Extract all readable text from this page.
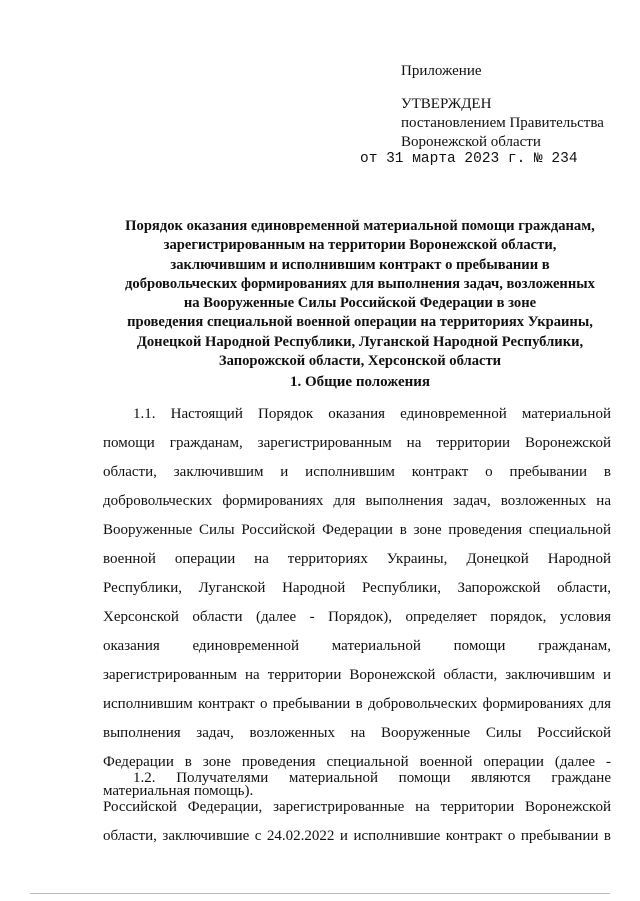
Приложение
УТВЕРЖДЕН
постановлением Правительства
Воронежской области
от 31 марта 2023 г. № 234
Порядок оказания единовременной материальной помощи гражданам,
зарегистрированным на территории Воронежской области,
заключившим и исполнившим контракт о пребывании в
добровольческих формированиях для выполнения задач, возложенных
на Вооруженные Силы Российской Федерации в зоне
проведения специальной военной операции на территориях Украины,
Донецкой Народной Республики, Луганской Народной Республики,
Запорожской области, Херсонской области
1. Общие положения
1.1. Настоящий Порядок оказания единовременной материальной
помощи гражданам, зарегистрированным на территории Воронежской
области, заключившим и исполнившим контракт о пребывании в
добровольческих формированиях для выполнения задач, возложенных на
Вооруженные Силы Российской Федерации в зоне проведения специальной
военной операции на территориях Украины, Донецкой Народной
Республики, Луганской Народной Республики, Запорожской области,
Херсонской области (далее - Порядок), определяет порядок, условия
оказания единовременной материальной помощи гражданам,
зарегистрированным на территории Воронежской области, заключившим и
исполнившим контракт о пребывании в добровольческих формированиях для
выполнения задач, возложенных на Вооруженные Силы Российской
Федерации в зоне проведения специальной военной операции (далее -
материальная помощь).
1.2. Получателями материальной помощи являются граждане
Российской Федерации, зарегистрированные на территории Воронежской
области, заключившие с 24.02.2022 и исполнившие контракт о пребывании в
